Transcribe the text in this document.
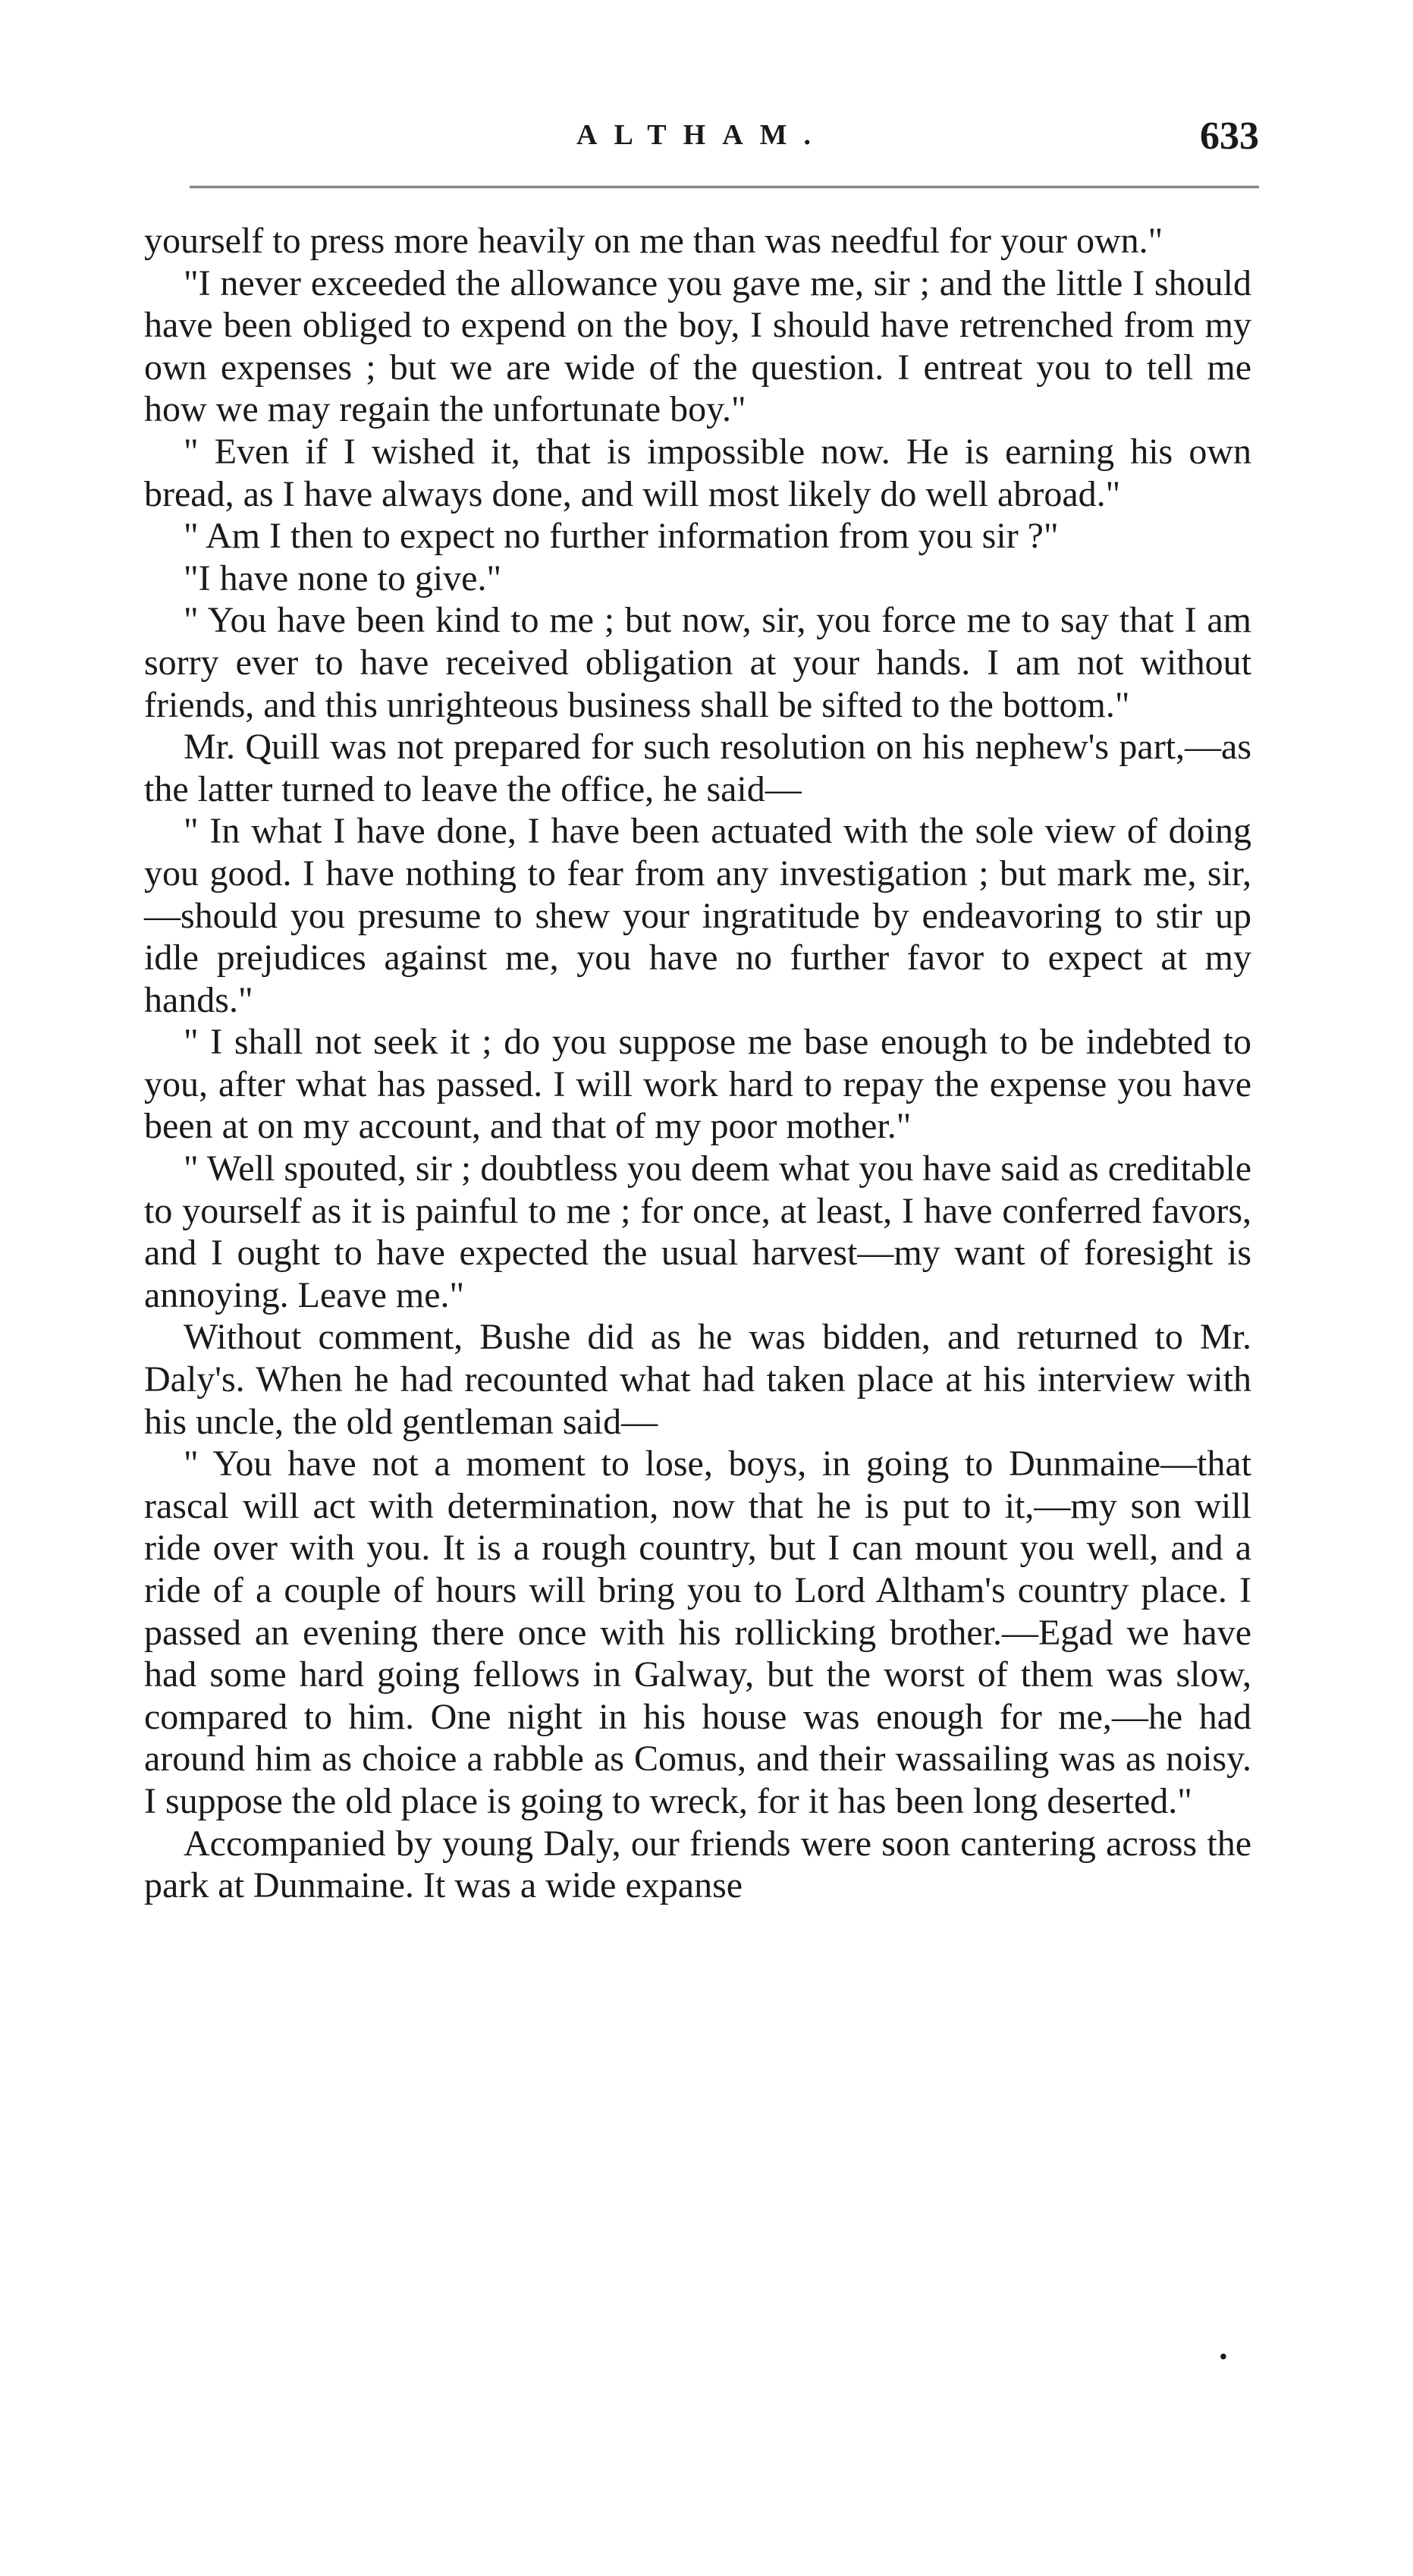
ALTHAM.	633

yourself to press more heavily on me than was needful for your own."

"I never exceeded the allowance you gave me, sir ; and the little I should have been obliged to expend on the boy, I should have retrenched from my own expenses ; but we are wide of the question. I entreat you to tell me how we may regain the unfortunate boy."

" Even if I wished it, that is impossible now. He is earning his own bread, as I have always done, and will most likely do well abroad."

" Am I then to expect no further information from you sir ?"

"I have none to give."

" You have been kind to me ; but now, sir, you force me to say that I am sorry ever to have received obligation at your hands. I am not without friends, and this unrighteous business shall be sifted to the bottom."

Mr. Quill was not prepared for such resolution on his nephew's part,—as the latter turned to leave the office, he said—

" In what I have done, I have been actuated with the sole view of doing you good. I have nothing to fear from any investigation ; but mark me, sir,—should you presume to shew your ingratitude by endeavoring to stir up idle prejudices against me, you have no further favor to expect at my hands."

" I shall not seek it ; do you suppose me base enough to be indebted to you, after what has passed. I will work hard to repay the expense you have been at on my account, and that of my poor mother."

" Well spouted, sir ; doubtless you deem what you have said as creditable to yourself as it is painful to me ; for once, at least, I have conferred favors, and I ought to have expected the usual harvest—my want of foresight is annoying. Leave me."

Without comment, Bushe did as he was bidden, and returned to Mr. Daly's. When he had recounted what had taken place at his interview with his uncle, the old gentleman said—

" You have not a moment to lose, boys, in going to Dunmaine—that rascal will act with determination, now that he is put to it,—my son will ride over with you. It is a rough country, but I can mount you well, and a ride of a couple of hours will bring you to Lord Altham's country place. I passed an evening there once with his rollicking brother.—Egad we have had some hard going fellows in Galway, but the worst of them was slow, compared to him. One night in his house was enough for me,—he had around him as choice a rabble as Comus, and their wassailing was as noisy. I suppose the old place is going to wreck, for it has been long deserted."

Accompanied by young Daly, our friends were soon cantering across the park at Dunmaine. It was a wide expanse

•
